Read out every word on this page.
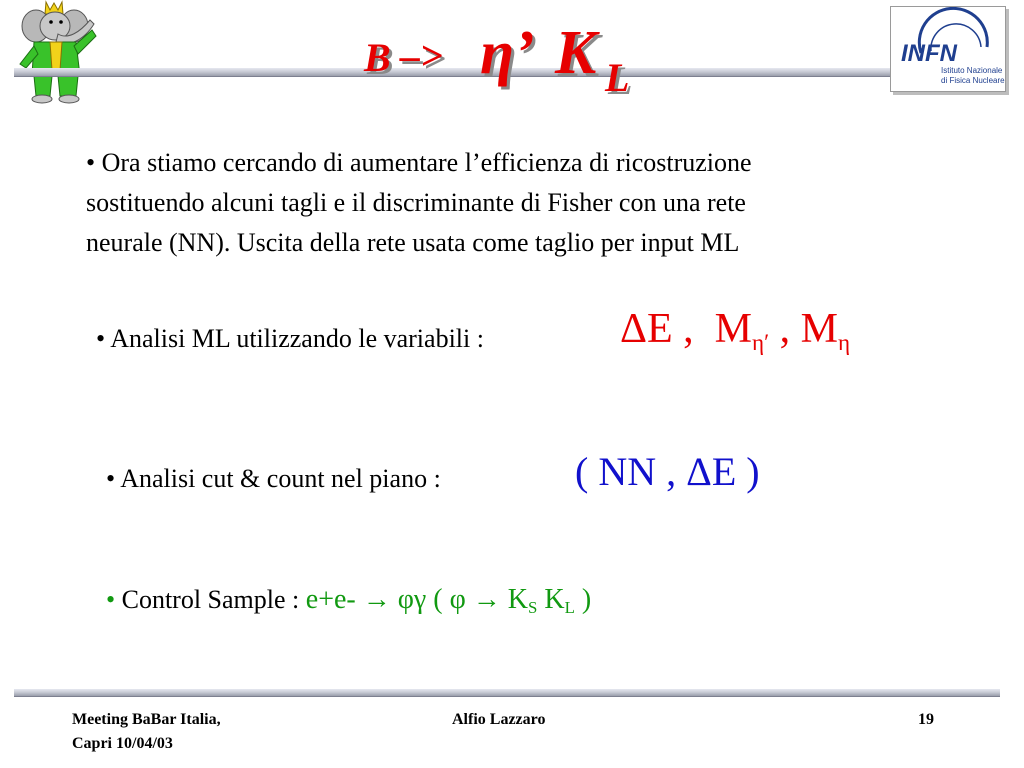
B –> η’ K L
INFN
Istituto Nazionale
di Fisica Nucleare
• Ora stiamo cercando di aumentare l’efficienza di ricostruzione
sostituendo alcuni tagli e il discriminante di Fisher con una rete
neurale (NN). Uscita della rete usata come taglio per input ML
• Analisi ML utilizzando le variabili :	ΔE , $M_{\eta'}$ , $M_\eta$
• Analisi cut & count nel piano :	( NN , ΔE )
• Control Sample : e+e- → φγ ( φ → KS KL )
Meeting BaBar Italia,
Capri 10/04/03
Alfio Lazzaro	19
